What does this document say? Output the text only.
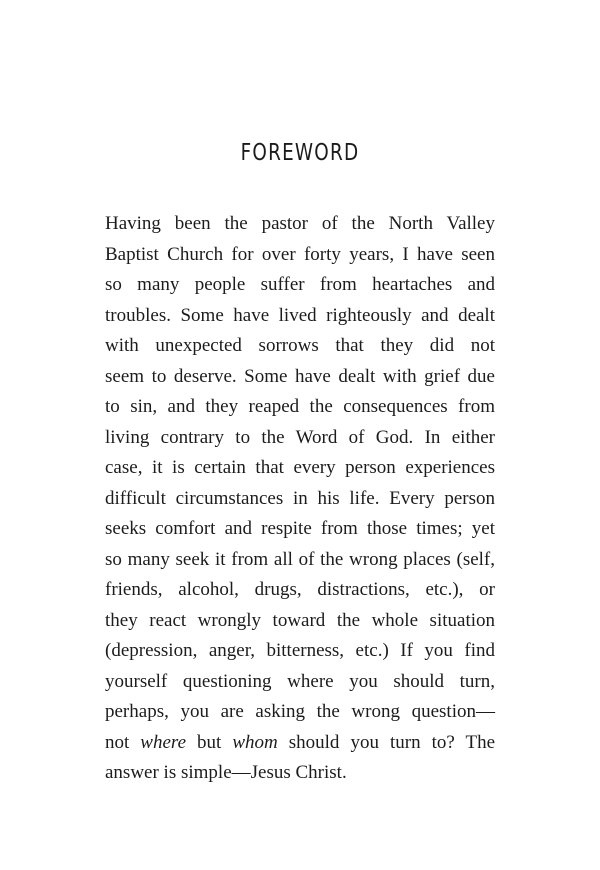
FOREWORD
Having been the pastor of the North Valley
Baptist Church for over forty years, I have seen
so many people suffer from heartaches and
troubles. Some have lived righteously and dealt
with unexpected sorrows that they did not
seem to deserve. Some have dealt with grief due
to sin, and they reaped the consequences from
living contrary to the Word of God. In either
case, it is certain that every person experiences
difficult circumstances in his life. Every person
seeks comfort and respite from those times; yet
so many seek it from all of the wrong places (self,
friends, alcohol, drugs, distractions, etc.), or
they react wrongly toward the whole situation
(depression, anger, bitterness, etc.) If you find
yourself questioning where you should turn,
perhaps, you are asking the wrong question—
not where but whom should you turn to? The
answer is simple—Jesus Christ.
